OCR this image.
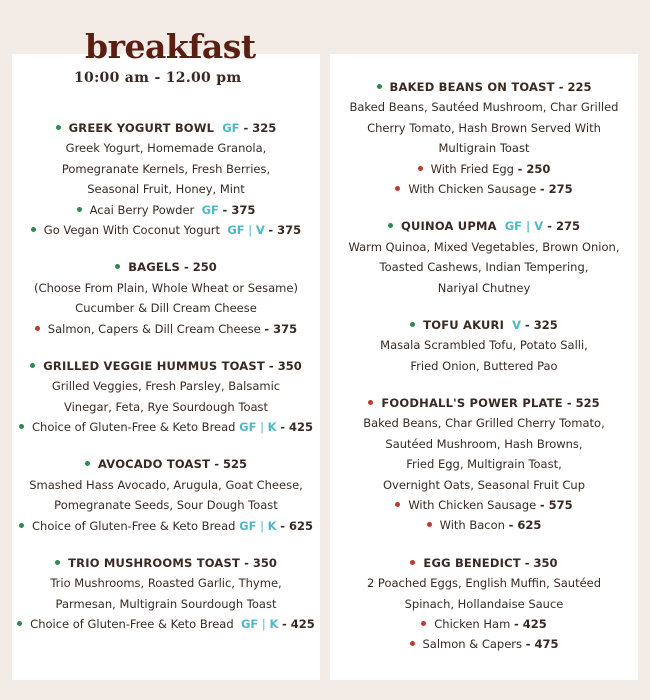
breakfast
10:00 am - 12.00 pm
GREEK YOGURT BOWL GF - 325
Greek Yogurt, Homemade Granola,
Pomegranate Kernels, Fresh Berries,
Seasonal Fruit, Honey, Mint
Acai Berry Powder GF - 375
Go Vegan With Coconut Yogurt GF | V - 375
BAGELS - 250
(Choose From Plain, Whole Wheat or Sesame)
Cucumber & Dill Cream Cheese
Salmon, Capers & Dill Cream Cheese - 375
GRILLED VEGGIE HUMMUS TOAST - 350
Grilled Veggies, Fresh Parsley, Balsamic
Vinegar, Feta, Rye Sourdough Toast
Choice of Gluten-Free & Keto Bread GF | K - 425
AVOCADO TOAST - 525
Smashed Hass Avocado, Arugula, Goat Cheese,
Pomegranate Seeds, Sour Dough Toast
Choice of Gluten-Free & Keto Bread GF | K - 625
TRIO MUSHROOMS TOAST - 350
Trio Mushrooms, Roasted Garlic, Thyme,
Parmesan, Multigrain Sourdough Toast
Choice of Gluten-Free & Keto Bread GF | K - 425
BAKED BEANS ON TOAST - 225
Baked Beans, Sautéed Mushroom, Char Grilled
Cherry Tomato, Hash Brown Served With
Multigrain Toast
With Fried Egg - 250
With Chicken Sausage - 275
QUINOA UPMA GF | V - 275
Warm Quinoa, Mixed Vegetables, Brown Onion,
Toasted Cashews, Indian Tempering,
Nariyal Chutney
TOFU AKURI V - 325
Masala Scrambled Tofu, Potato Salli,
Fried Onion, Buttered Pao
FOODHALL'S POWER PLATE - 525
Baked Beans, Char Grilled Cherry Tomato,
Sautéed Mushroom, Hash Browns,
Fried Egg, Multigrain Toast,
Overnight Oats, Seasonal Fruit Cup
With Chicken Sausage - 575
With Bacon - 625
EGG BENEDICT - 350
2 Poached Eggs, English Muffin, Sautéed
Spinach, Hollandaise Sauce
Chicken Ham - 425
Salmon & Capers - 475
